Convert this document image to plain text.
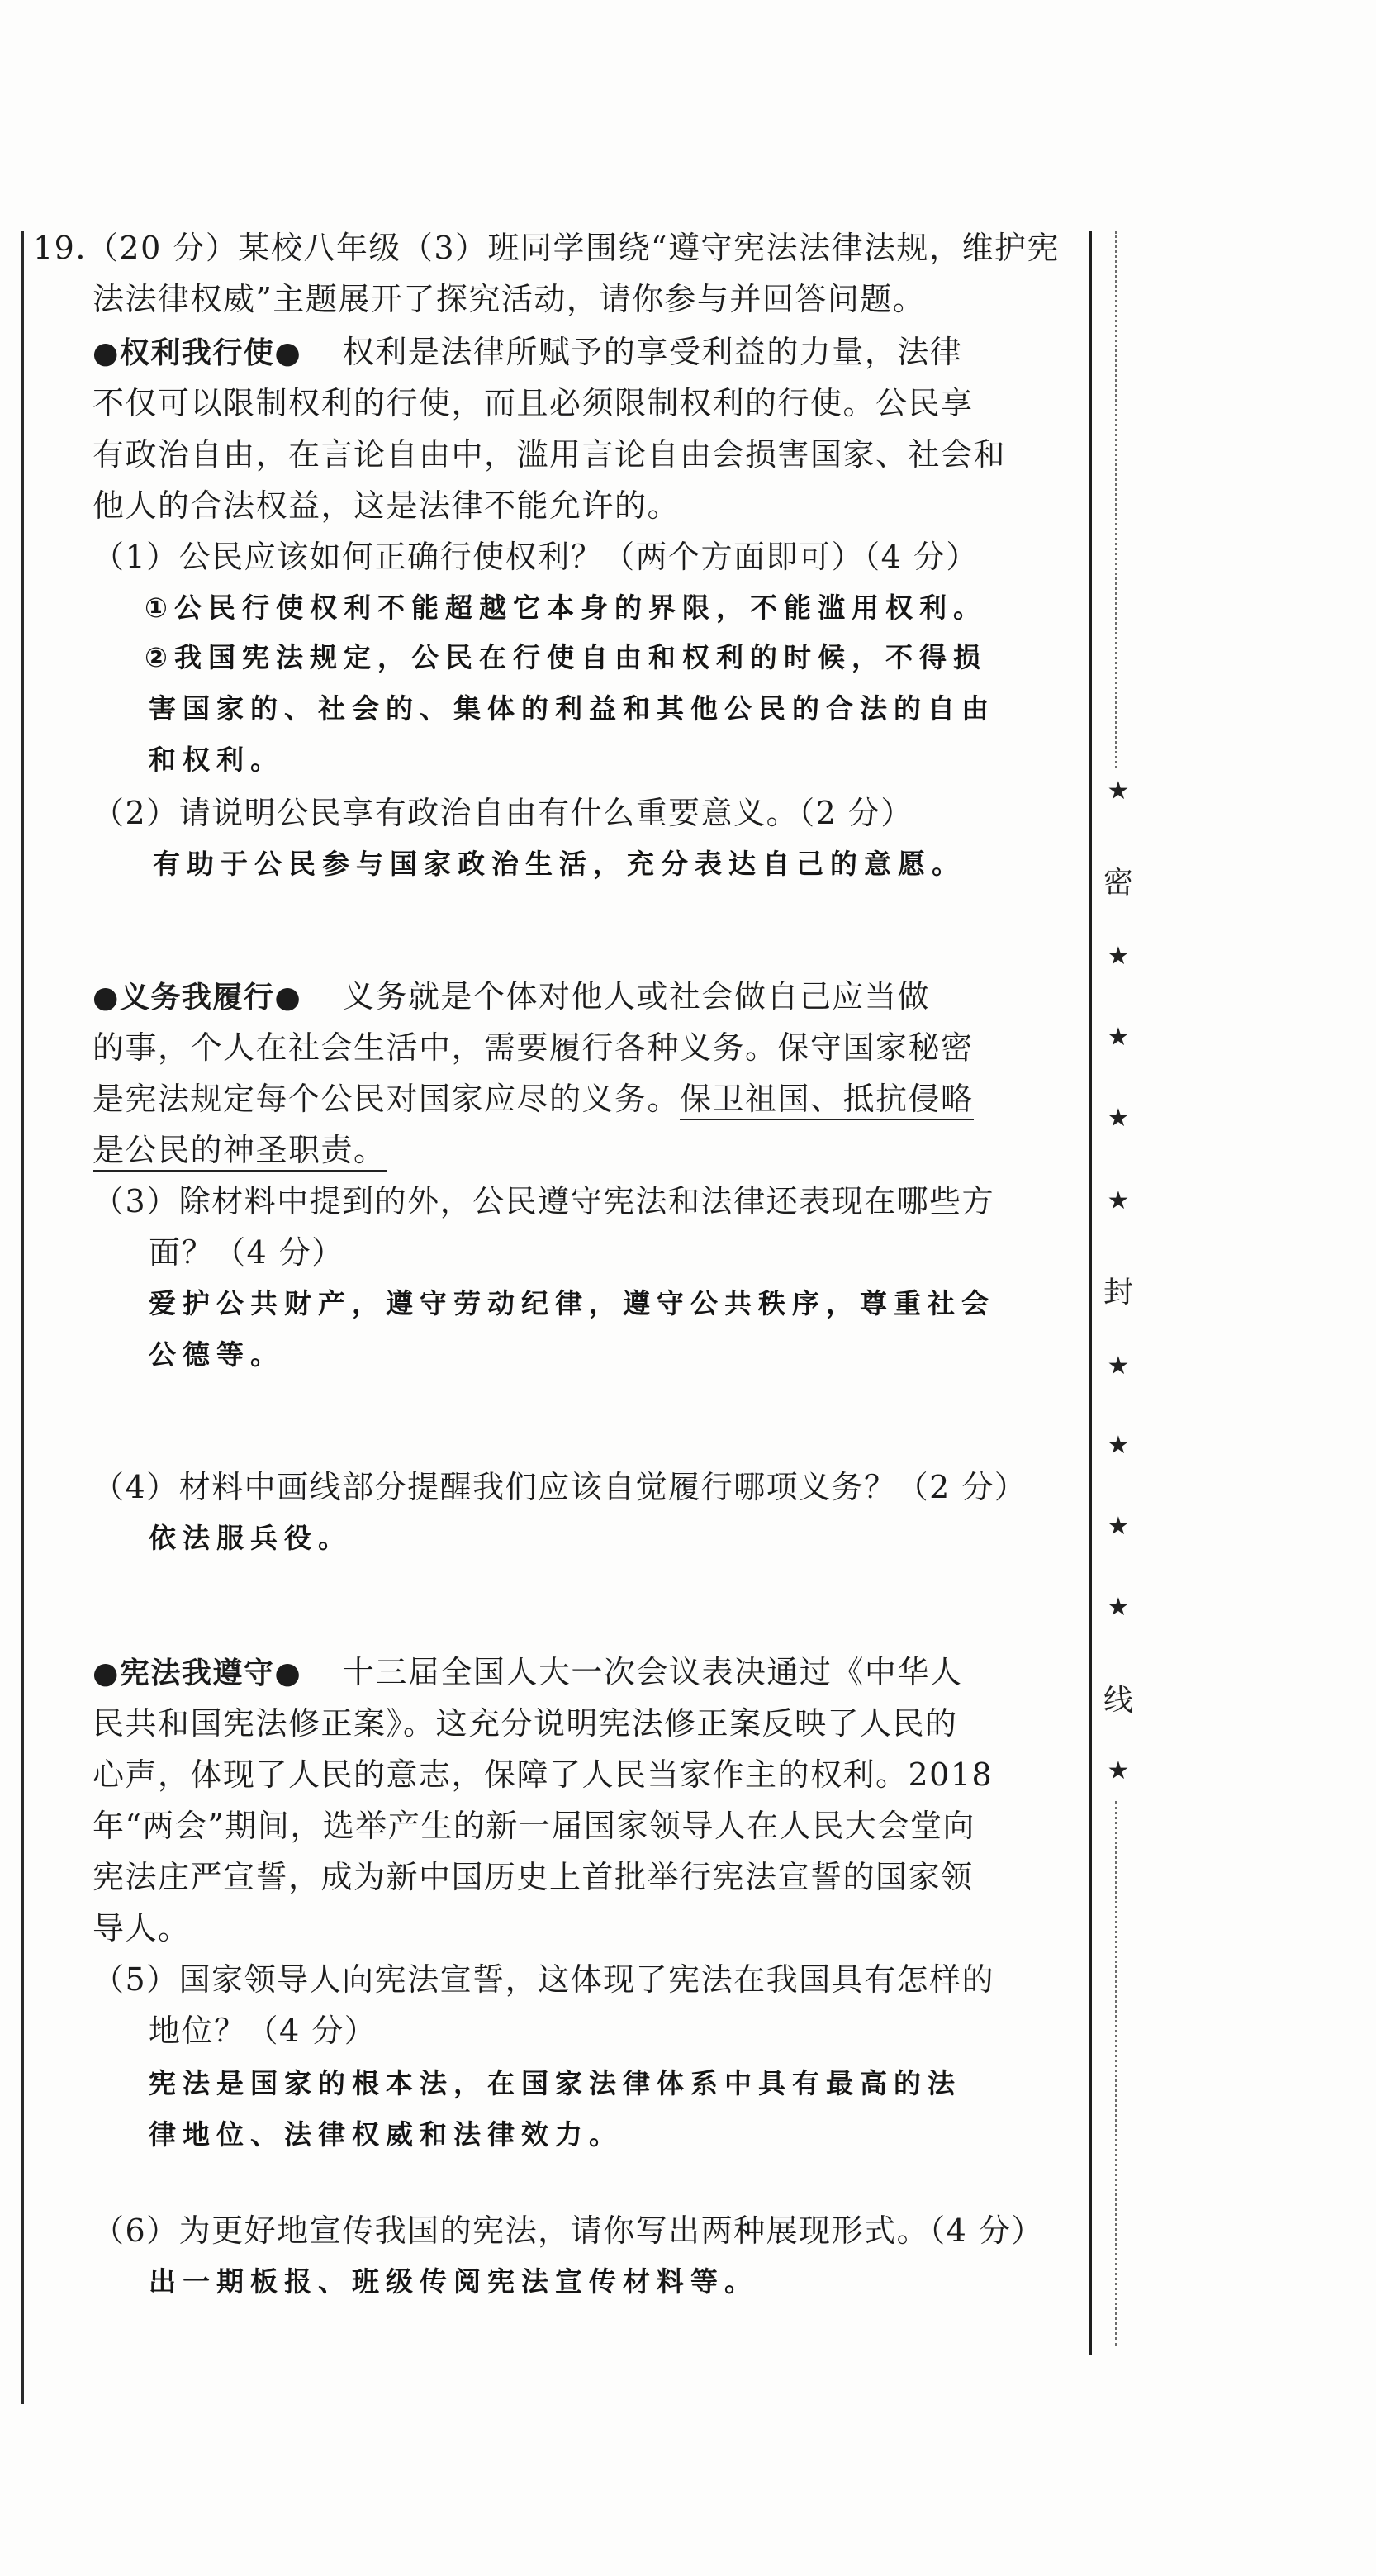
★
密
★
★
★
★
封
★
★
★
★
线
★
19.（20 分）某校八年级（3）班同学围绕“遵守宪法法律法规，维护宪
法法律权威”主题展开了探究活动，请你参与并回答问题。
●权利我行使● 权利是法律所赋予的享受利益的力量，法律
不仅可以限制权利的行使，而且必须限制权利的行使。公民享
有政治自由，在言论自由中，滥用言论自由会损害国家、社会和
他人的合法权益，这是法律不能允许的。
（1）公民应该如何正确行使权利？（两个方面即可）（4 分）
①公民行使权利不能超越它本身的界限，不能滥用权利。
②我国宪法规定，公民在行使自由和权利的时候，不得损
害国家的、社会的、集体的利益和其他公民的合法的自由
和权利。
（2）请说明公民享有政治自由有什么重要意义。（2 分）
有助于公民参与国家政治生活，充分表达自己的意愿。
●义务我履行● 义务就是个体对他人或社会做自己应当做
的事，个人在社会生活中，需要履行各种义务。保守国家秘密
是宪法规定每个公民对国家应尽的义务。保卫祖国、抵抗侵略
是公民的神圣职责。
（3）除材料中提到的外，公民遵守宪法和法律还表现在哪些方
面？（4 分）
爱护公共财产，遵守劳动纪律，遵守公共秩序，尊重社会
公德等。
（4）材料中画线部分提醒我们应该自觉履行哪项义务？（2 分）
依法服兵役。
●宪法我遵守● 十三届全国人大一次会议表决通过《中华人
民共和国宪法修正案》。这充分说明宪法修正案反映了人民的
心声，体现了人民的意志，保障了人民当家作主的权利。2018
年“两会”期间，选举产生的新一届国家领导人在人民大会堂向
宪法庄严宣誓，成为新中国历史上首批举行宪法宣誓的国家领
导人。
（5）国家领导人向宪法宣誓，这体现了宪法在我国具有怎样的
地位？（4 分）
宪法是国家的根本法，在国家法律体系中具有最高的法
律地位、法律权威和法律效力。
（6）为更好地宣传我国的宪法，请你写出两种展现形式。（4 分）
出一期板报、班级传阅宪法宣传材料等。
